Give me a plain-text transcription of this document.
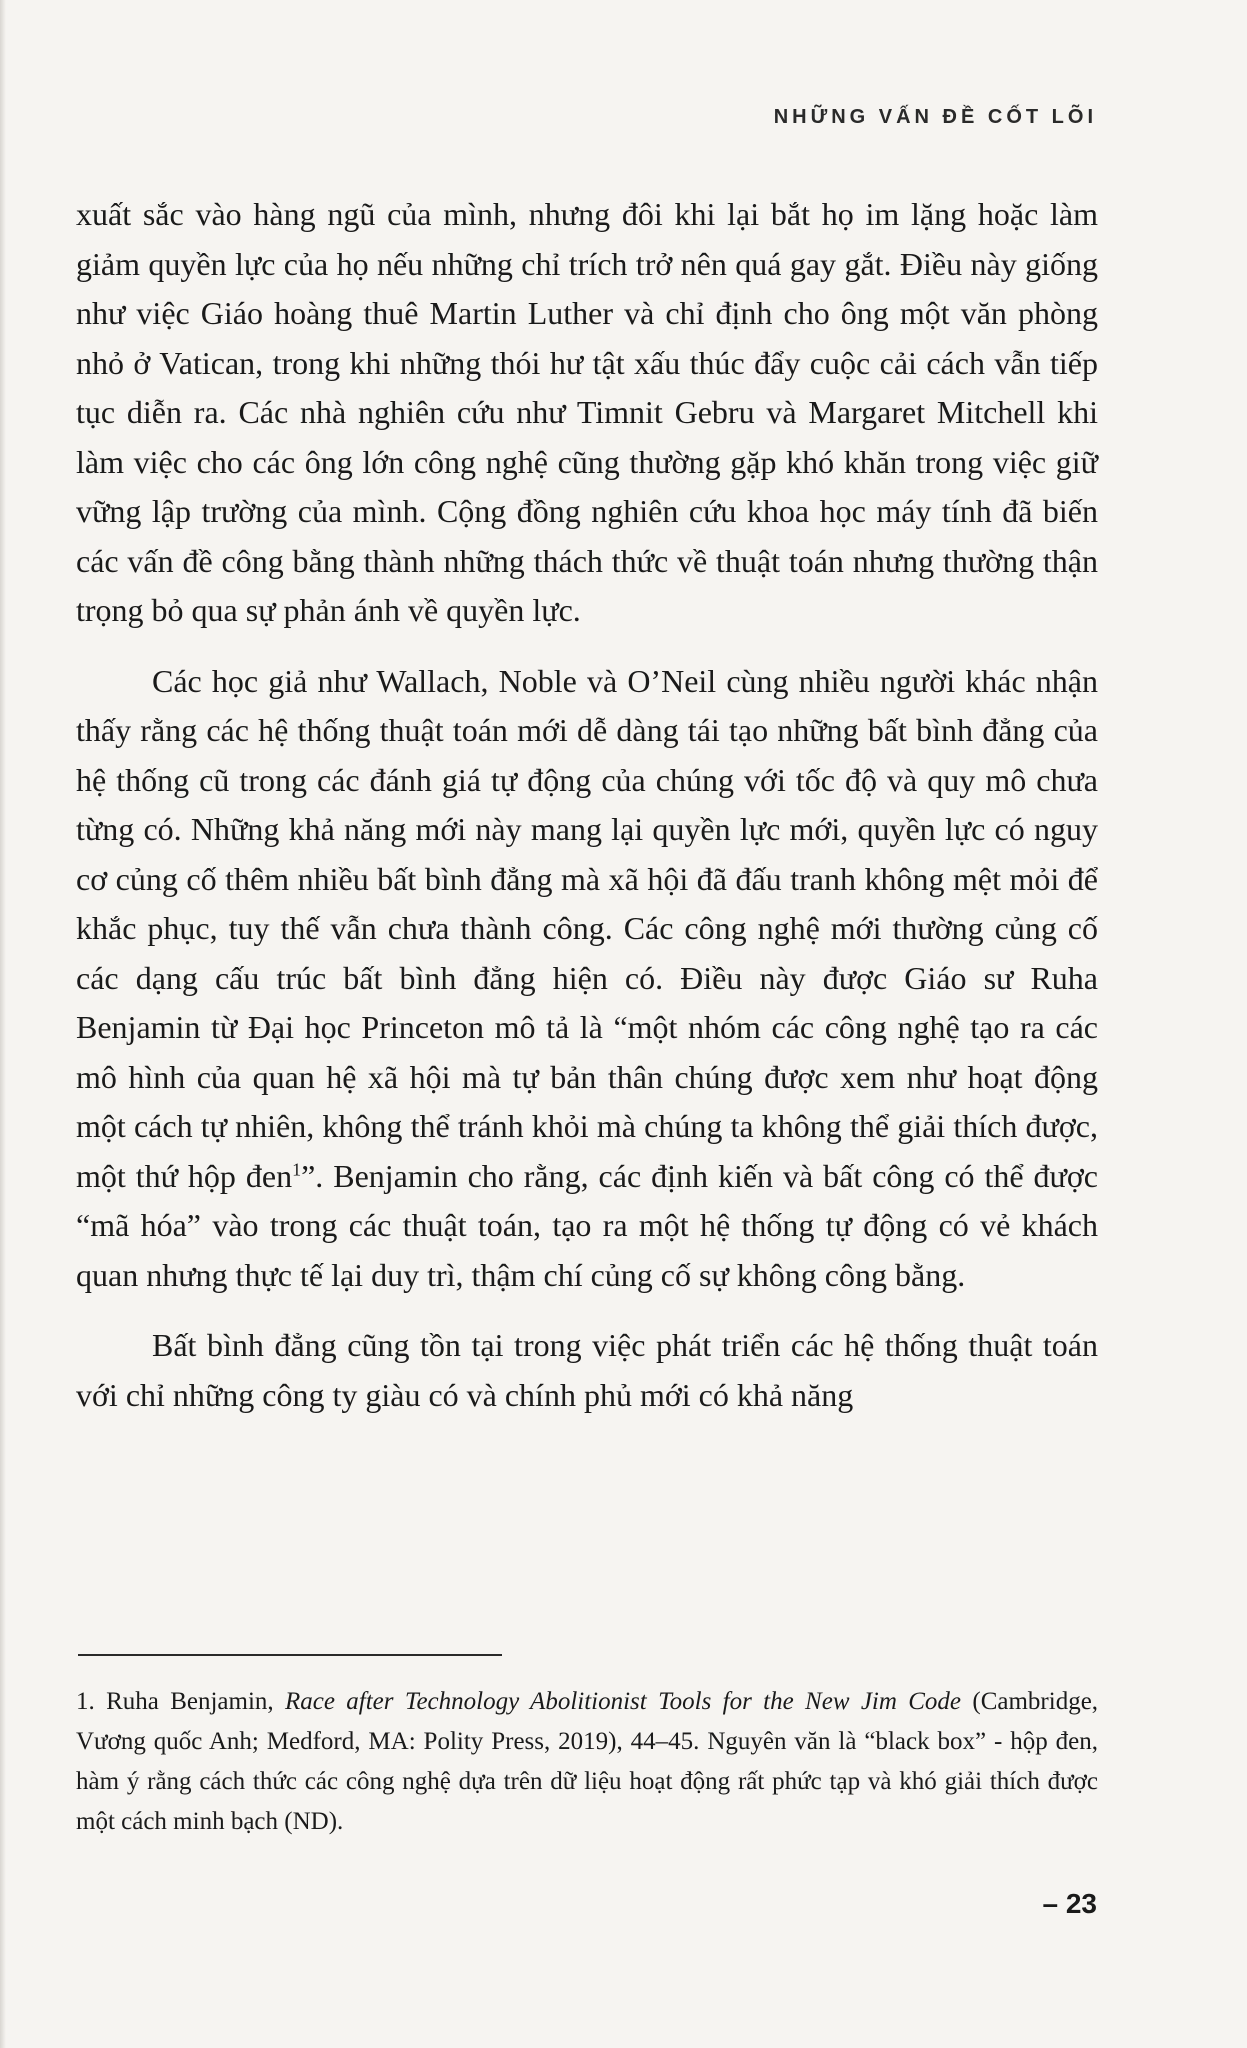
NHỮNG VẤN ĐỀ CỐT LÕI

xuất sắc vào hàng ngũ của mình, nhưng đôi khi lại bắt họ im lặng hoặc làm giảm quyền lực của họ nếu những chỉ trích trở nên quá gay gắt. Điều này giống như việc Giáo hoàng thuê Martin Luther và chỉ định cho ông một văn phòng nhỏ ở Vatican, trong khi những thói hư tật xấu thúc đẩy cuộc cải cách vẫn tiếp tục diễn ra. Các nhà nghiên cứu như Timnit Gebru và Margaret Mitchell khi làm việc cho các ông lớn công nghệ cũng thường gặp khó khăn trong việc giữ vững lập trường của mình. Cộng đồng nghiên cứu khoa học máy tính đã biến các vấn đề công bằng thành những thách thức về thuật toán nhưng thường thận trọng bỏ qua sự phản ánh về quyền lực.

Các học giả như Wallach, Noble và O’Neil cùng nhiều người khác nhận thấy rằng các hệ thống thuật toán mới dễ dàng tái tạo những bất bình đẳng của hệ thống cũ trong các đánh giá tự động của chúng với tốc độ và quy mô chưa từng có. Những khả năng mới này mang lại quyền lực mới, quyền lực có nguy cơ củng cố thêm nhiều bất bình đẳng mà xã hội đã đấu tranh không mệt mỏi để khắc phục, tuy thế vẫn chưa thành công. Các công nghệ mới thường củng cố các dạng cấu trúc bất bình đẳng hiện có. Điều này được Giáo sư Ruha Benjamin từ Đại học Princeton mô tả là “một nhóm các công nghệ tạo ra các mô hình của quan hệ xã hội mà tự bản thân chúng được xem như hoạt động một cách tự nhiên, không thể tránh khỏi mà chúng ta không thể giải thích được, một thứ hộp đen$^1$”. Benjamin cho rằng, các định kiến và bất công có thể được “mã hóa” vào trong các thuật toán, tạo ra một hệ thống tự động có vẻ khách quan nhưng thực tế lại duy trì, thậm chí củng cố sự không công bằng.

Bất bình đẳng cũng tồn tại trong việc phát triển các hệ thống thuật toán với chỉ những công ty giàu có và chính phủ mới có khả năng

1. Ruha Benjamin, Race after Technology Abolitionist Tools for the New Jim Code (Cambridge, Vương quốc Anh; Medford, MA: Polity Press, 2019), 44–45. Nguyên văn là “black box” - hộp đen, hàm ý rằng cách thức các công nghệ dựa trên dữ liệu hoạt động rất phức tạp và khó giải thích được một cách minh bạch (ND).

– 23
